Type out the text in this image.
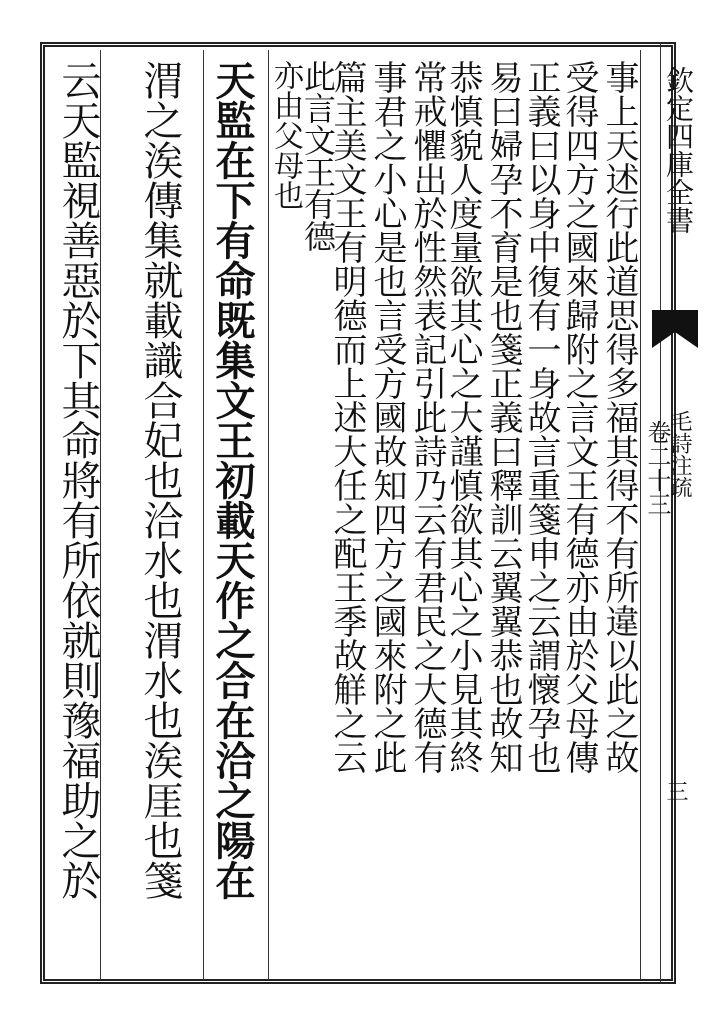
欽定四庫全書
毛詩注疏
卷二十三
三
事上天述行此道思得多福其得不有所違以此之故
受得四方之國來歸附之言文王有德亦由於父母傳
正義曰以身中復有一身故言重箋申之云謂懷孕也
易曰婦孕不育是也箋正義曰釋訓云翼翼恭也故知
恭慎貌人度量欲其心之大謹慎欲其心之小見其終
常戒懼出於性然表記引此詩乃云有君民之大德有
事君之小心是也言受方國故知四方之國來附之此
篇主美文王有明德而上述大任之配王季故觧之云
此言文王有德
亦由父母也
天監在下有命既集文王初載天作之合在洽之陽在
渭之涘傳集就載識合妃也洽水也渭水也涘厓也箋
云天監視善惡於下其命將有所依就則豫福助之於
